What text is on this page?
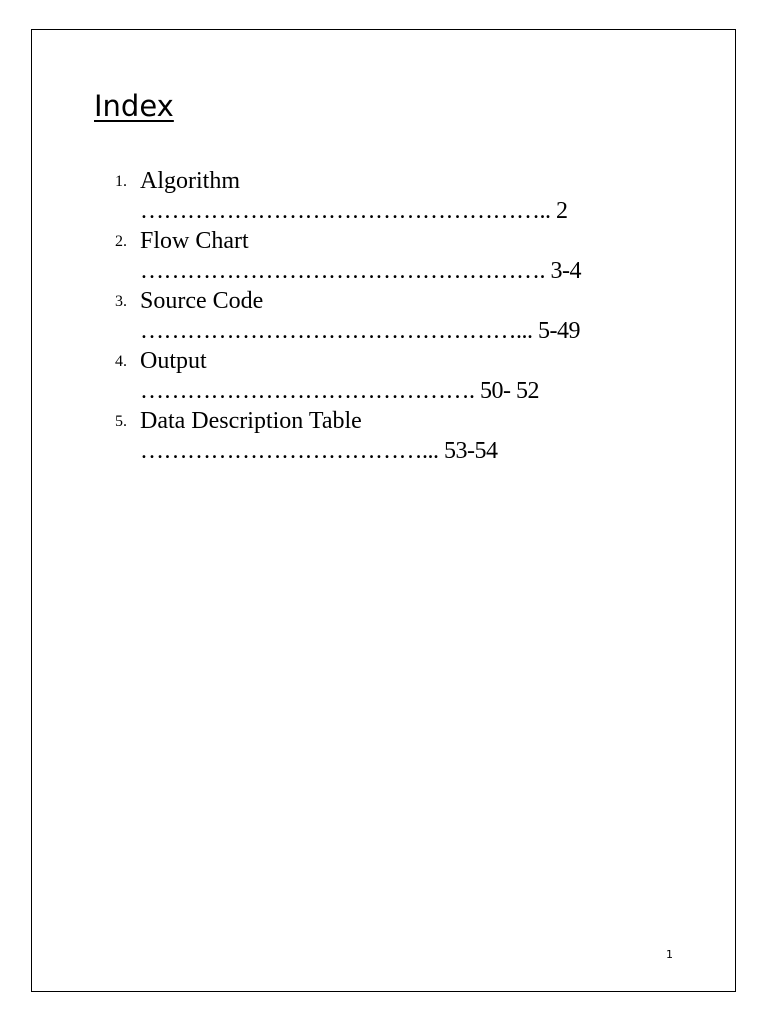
Index
1. Algorithm
…………………………………………….. 2
2. Flow Chart
……………………………………………. 3-4
3. Source Code
…………………………………………... 5-49
4. Output
……………………………………. 50- 52
5. Data Description Table
………………………………... 53-54
1
